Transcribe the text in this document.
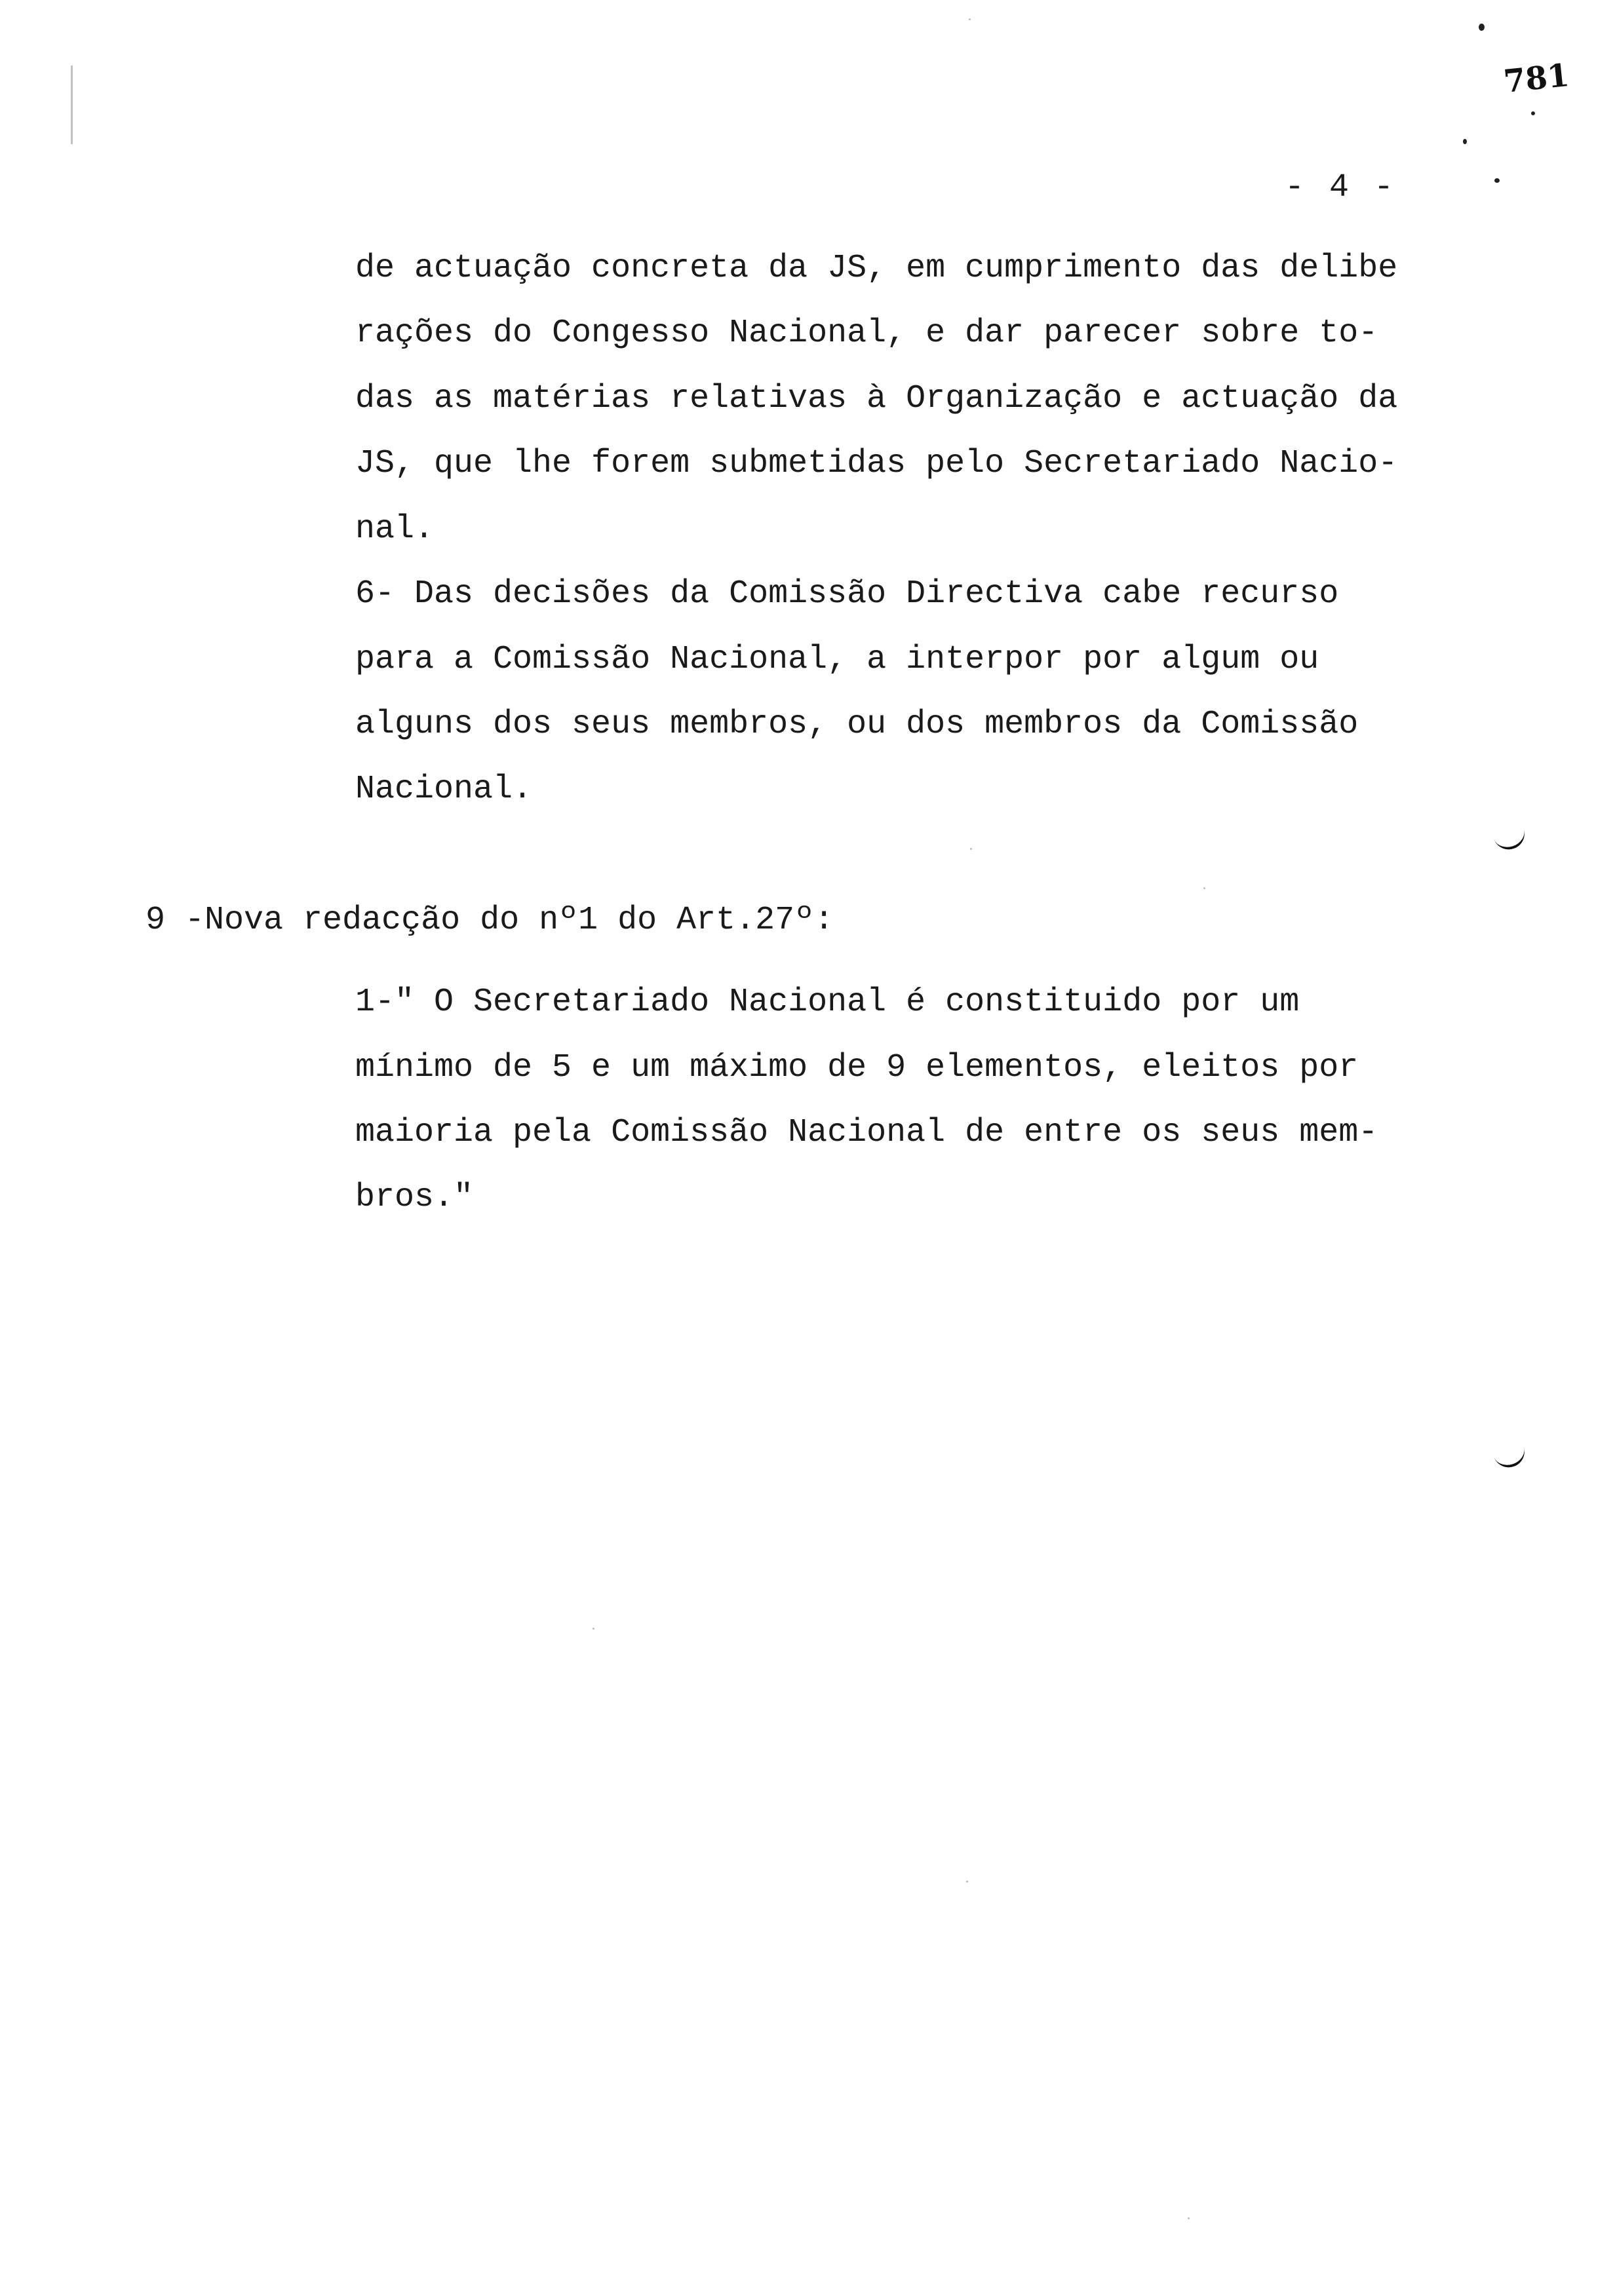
781
- 4 -
de actuação concreta da JS, em cumprimento das delibe
rações do Congesso Nacional, e dar parecer sobre to-
das as matérias relativas à Organização e actuação da
JS, que lhe forem submetidas pelo Secretariado Nacio-
nal.
6- Das decisões da Comissão Directiva cabe recurso
para a Comissão Nacional, a interpor por algum ou
alguns dos seus membros, ou dos membros da Comissão
Nacional.
9 -Nova redacção do nº1 do Art.27º:
1-" O Secretariado Nacional é constituido por um
mínimo de 5 e um máximo de 9 elementos, eleitos por
maioria pela Comissão Nacional de entre os seus mem-
bros."
